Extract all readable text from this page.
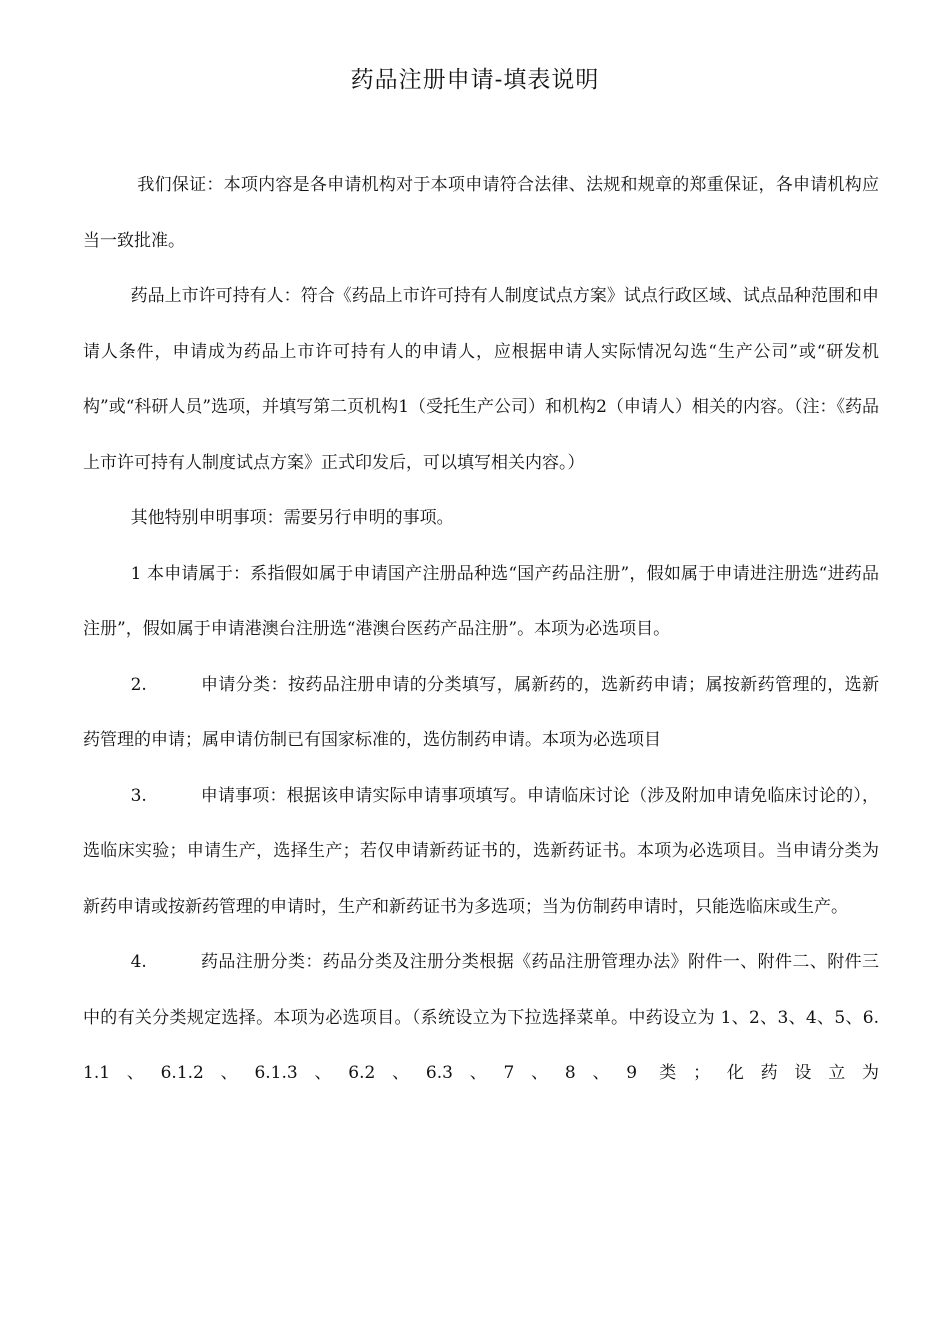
药品注册申请-填表说明

我们保证：本项内容是各申请机构对于本项申请符合法律、法规和规章的郑重保证，各申请机构应当一致批准。

药品上市许可持有人：符合《药品上市许可持有人制度试点方案》试点行政区域、试点品种范围和申请人条件，申请成为药品上市许可持有人的申请人，应根据申请人实际情况勾选“生产公司”或“研发机构”或“科研人员”选项，并填写第二页机构1（受托生产公司）和机构2（申请人）相关的内容。（注：《药品上市许可持有人制度试点方案》正式印发后，可以填写相关内容。）

其他特别申明事项：需要另行申明的事项。

1 本申请属于：系指假如属于申请国产注册品种选“国产药品注册”，假如属于申请进注册选“进药品注册”，假如属于申请港澳台注册选“港澳台医药产品注册”。本项为必选项目。

2.	申请分类：按药品注册申请的分类填写，属新药的，选新药申请；属按新药管理的，选新药管理的申请；属申请仿制已有国家标准的，选仿制药申请。本项为必选项目

3.	申请事项：根据该申请实际申请事项填写。申请临床讨论（涉及附加申请免临床讨论的），选临床实验；申请生产，选择生产；若仅申请新药证书的，选新药证书。本项为必选项目。当申请分类为新药申请或按新药管理的申请时，生产和新药证书为多选项；当为仿制药申请时，只能选临床或生产。

4.	药品注册分类：药品分类及注册分类根据《药品注册管理办法》附件一、附件二、附件三中的有关分类规定选择。本项为必选项目。（系统设立为下拉选择菜单。中药设立为 1、2、3、4、5、6.1.1、6.1.2、6.1.3、6.2、6.3、7、8、9 类；化药设立为
